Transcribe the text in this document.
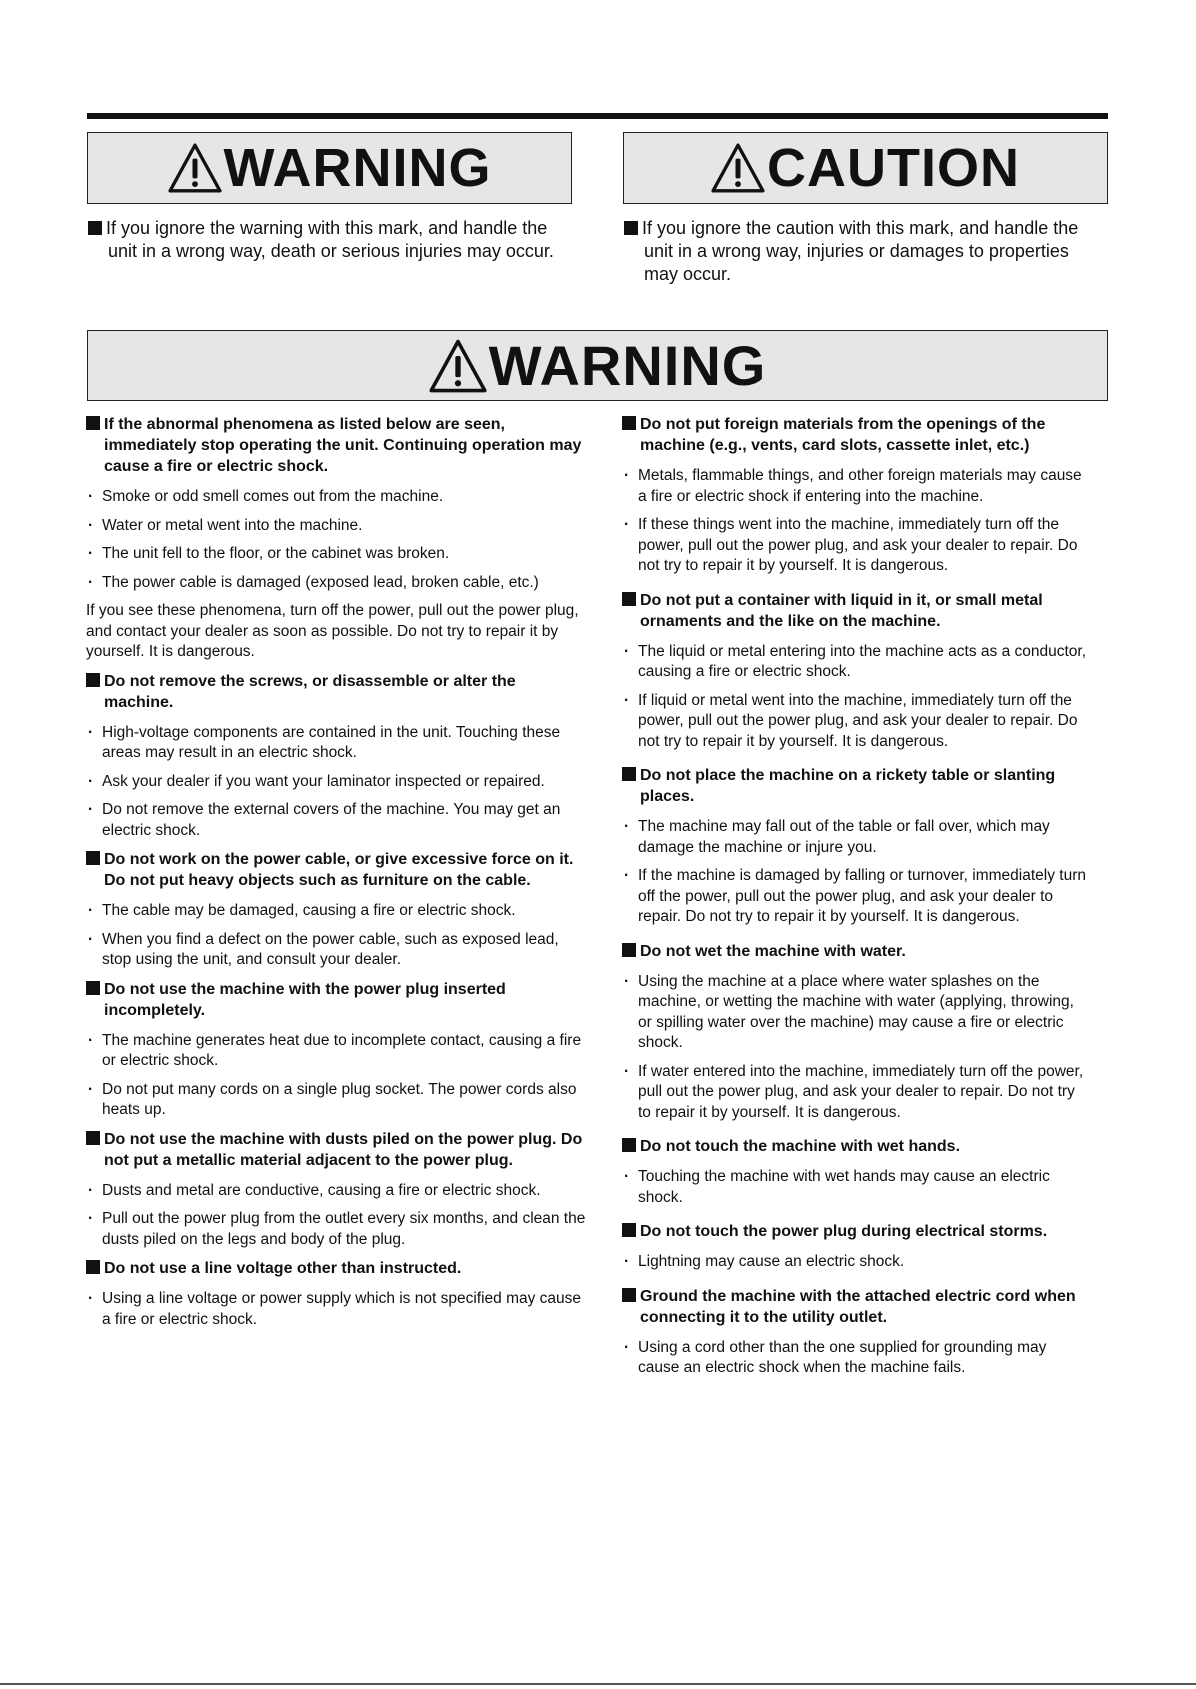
WARNING	CAUTION

If you ignore the warning with this mark, and handle the unit in a wrong way, death or serious injuries may occur.

If you ignore the caution with this mark, and handle the unit in a wrong way, injuries or damages to properties may occur.

WARNING
If the abnormal phenomena as listed below are seen, immediately stop operating the unit. Continuing operation may cause a fire or electric shock.
· Smoke or odd smell comes out from the machine.
· Water or metal went into the machine.
· The unit fell to the floor, or the cabinet was broken.
· The power cable is damaged (exposed lead, broken cable, etc.)

If you see these phenomena, turn off the power, pull out the power plug, and contact your dealer as soon as possible. Do not try to repair it by yourself. It is dangerous.

Do not remove the screws, or disassemble or alter the machine.
· High-voltage components are contained in the unit. Touching these areas may result in an electric shock.
· Ask your dealer if you want your laminator inspected or repaired.
· Do not remove the external covers of the machine. You may get an electric shock.
Do not work on the power cable, or give excessive force on it. Do not put heavy objects such as furniture on the cable.
· The cable may be damaged, causing a fire or electric shock.
· When you find a defect on the power cable, such as exposed lead, stop using the unit, and consult your dealer.
Do not use the machine with the power plug inserted incompletely.
· The machine generates heat due to incomplete contact, causing a fire or electric shock.
· Do not put many cords on a single plug socket. The power cords also heats up.
Do not use the machine with dusts piled on the power plug. Do not put a metallic material adjacent to the power plug.
· Dusts and metal are conductive, causing a fire or electric shock.
· Pull out the power plug from the outlet every six months, and clean the dusts piled on the legs and body of the plug.
Do not use a line voltage other than instructed.
· Using a line voltage or power supply which is not specified may cause a fire or electric shock.
Do not put foreign materials from the openings of the machine (e.g., vents, card slots, cassette inlet, etc.)
· Metals, flammable things, and other foreign materials may cause a fire or electric shock if entering into the machine.
· If these things went into the machine, immediately turn off the power, pull out the power plug, and ask your dealer to repair. Do not try to repair it by yourself. It is dangerous.
Do not put a container with liquid in it, or small metal ornaments and the like on the machine.
· The liquid or metal entering into the machine acts as a conductor, causing a fire or electric shock.
· If liquid or metal went into the machine, immediately turn off the power, pull out the power plug, and ask your dealer to repair. Do not try to repair it by yourself. It is dangerous.
Do not place the machine on a rickety table or slanting places.
· The machine may fall out of the table or fall over, which may damage the machine or injure you.
· If the machine is damaged by falling or turnover, immediately turn off the power, pull out the power plug, and ask your dealer to repair. Do not try to repair it by yourself. It is dangerous.
Do not wet the machine with water.
· Using the machine at a place where water splashes on the machine, or wetting the machine with water (applying, throwing, or spilling water over the machine) may cause a fire or electric shock.
· If water entered into the machine, immediately turn off the power, pull out the power plug, and ask your dealer to repair. Do not try to repair it by yourself. It is dangerous.
Do not touch the machine with wet hands.
· Touching the machine with wet hands may cause an electric shock.
Do not touch the power plug during electrical storms.
· Lightning may cause an electric shock.
Ground the machine with the attached electric cord when connecting it to the utility outlet.
· Using a cord other than the one supplied for grounding may cause an electric shock when the machine fails.
